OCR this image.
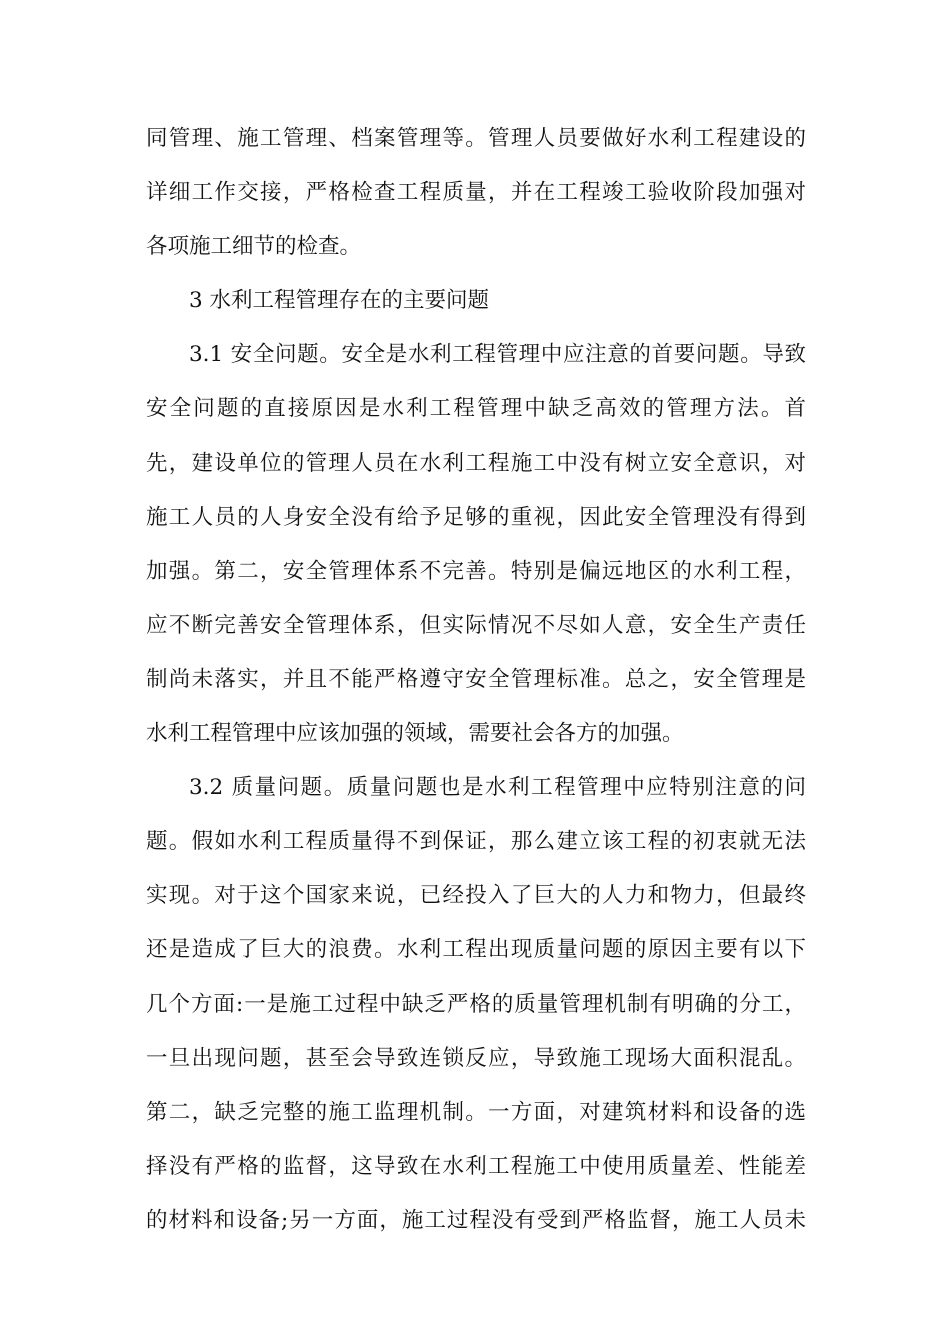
同管理、施工管理、档案管理等。管理人员要做好水利工程建设的
详细工作交接，严格检查工程质量，并在工程竣工验收阶段加强对
各项施工细节的检查。
3 水利工程管理存在的主要问题
3.1 安全问题。安全是水利工程管理中应注意的首要问题。导致
安全问题的直接原因是水利工程管理中缺乏高效的管理方法。首
先，建设单位的管理人员在水利工程施工中没有树立安全意识，对
施工人员的人身安全没有给予足够的重视，因此安全管理没有得到
加强。第二，安全管理体系不完善。特别是偏远地区的水利工程，
应不断完善安全管理体系，但实际情况不尽如人意，安全生产责任
制尚未落实，并且不能严格遵守安全管理标准。总之，安全管理是
水利工程管理中应该加强的领域，需要社会各方的加强。
3.2 质量问题。质量问题也是水利工程管理中应特别注意的问
题。假如水利工程质量得不到保证，那么建立该工程的初衷就无法
实现。对于这个国家来说，已经投入了巨大的人力和物力，但最终
还是造成了巨大的浪费。水利工程出现质量问题的原因主要有以下
几个方面:一是施工过程中缺乏严格的质量管理机制有明确的分工，
一旦出现问题，甚至会导致连锁反应，导致施工现场大面积混乱。
第二，缺乏完整的施工监理机制。一方面，对建筑材料和设备的选
择没有严格的监督，这导致在水利工程施工中使用质量差、性能差
的材料和设备;另一方面，施工过程没有受到严格监督，施工人员未
